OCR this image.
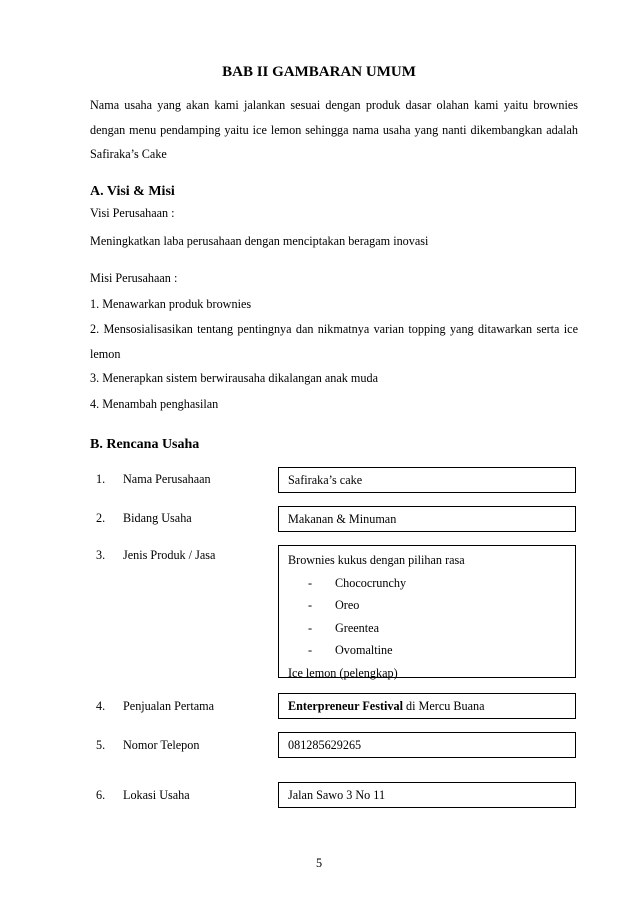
BAB II GAMBARAN UMUM
Nama usaha yang akan kami jalankan sesuai dengan produk dasar olahan kami yaitu brownies dengan menu pendamping yaitu ice lemon sehingga nama usaha yang nanti dikembangkan adalah Safiraka’s Cake
A. Visi & Misi
Visi Perusahaan :
Meningkatkan laba perusahaan dengan menciptakan beragam inovasi
Misi Perusahaan :
1. Menawarkan produk brownies
2. Mensosialisasikan tentang pentingnya dan nikmatnya varian topping yang ditawarkan serta ice lemon
3. Menerapkan sistem berwirausaha dikalangan anak muda
4. Menambah penghasilan
B. Rencana Usaha
1. Nama Perusahaan	Safiraka’s cake
2. Bidang Usaha	Makanan & Minuman
3. Jenis Produk / Jasa	Brownies kukus dengan pilihan rasa
- Chococrunchy
- Oreo
- Greentea
- Ovomaltine
Ice lemon (pelengkap)
4. Penjualan Pertama	Enterpreneur Festival di Mercu Buana
5. Nomor Telepon	081285629265
6. Lokasi Usaha	Jalan Sawo 3 No 11
5
